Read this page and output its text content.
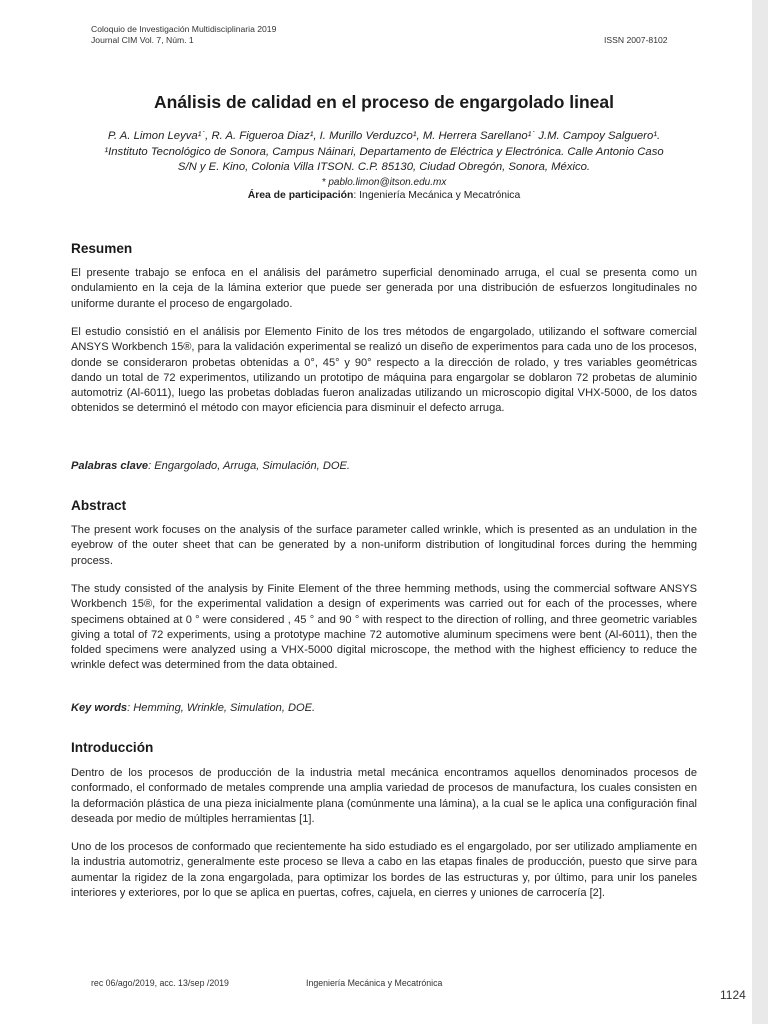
Coloquio de Investigación Multidisciplinaria 2019
Journal CIM Vol. 7, Núm. 1	ISSN 2007-8102
Análisis de calidad en el proceso de engargolado lineal
P. A. Limon Leyva¹˙, R. A. Figueroa Diaz¹, I. Murillo Verduzco¹, M. Herrera Sarellano¹˙ J.M. Campoy Salguero¹.
¹Instituto Tecnológico de Sonora, Campus Náinari, Departamento de Eléctrica y Electrónica. Calle Antonio Caso
S/N y E. Kino, Colonia Villa ITSON. C.P. 85130, Ciudad Obregón, Sonora, México.
* pablo.limon@itson.edu.mx
Área de participación: Ingeniería Mecánica y Mecatrónica
Resumen

El presente trabajo se enfoca en el análisis del parámetro superficial denominado arruga, el cual se presenta como un ondulamiento en la ceja de la lámina exterior que puede ser generada por una distribución de esfuerzos longitudinales no uniforme durante el proceso de engargolado.

El estudio consistió en el análisis por Elemento Finito de los tres métodos de engargolado, utilizando el software comercial ANSYS Workbench 15®, para la validación experimental se realizó un diseño de experimentos para cada uno de los procesos, donde se consideraron probetas obtenidas a 0°, 45° y 90° respecto a la dirección de rolado, y tres variables geométricas dando un total de 72 experimentos, utilizando un prototipo de máquina para engargolar se doblaron 72 probetas de aluminio automotriz (Al-6011), luego las probetas dobladas fueron analizadas utilizando un microscopio digital VHX-5000, de los datos obtenidos se determinó el método con mayor eficiencia para disminuir el defecto arruga.

Palabras clave: Engargolado, Arruga, Simulación, DOE.
Abstract

The present work focuses on the analysis of the surface parameter called wrinkle, which is presented as an undulation in the eyebrow of the outer sheet that can be generated by a non-uniform distribution of longitudinal forces during the hemming process.

The study consisted of the analysis by Finite Element of the three hemming methods, using the commercial software ANSYS Workbench 15®, for the experimental validation a design of experiments was carried out for each of the processes, where specimens obtained at 0 ° were considered , 45 ° and 90 ° with respect to the direction of rolling, and three geometric variables giving a total of 72 experiments, using a prototype machine 72 automotive aluminum specimens were bent (Al-6011), then the folded specimens were analyzed using a VHX-5000 digital microscope, the method with the highest efficiency to reduce the wrinkle defect was determined from the data obtained.

Key words: Hemming, Wrinkle, Simulation, DOE.
Introducción

Dentro de los procesos de producción de la industria metal mecánica encontramos aquellos denominados procesos de conformado, el conformado de metales comprende una amplia variedad de procesos de manufactura, los cuales consisten en la deformación plástica de una pieza inicialmente plana (comúnmente una lámina), a la cual se le aplica una configuración final deseada por medio de múltiples herramientas [1].

Uno de los procesos de conformado que recientemente ha sido estudiado es el engargolado, por ser utilizado ampliamente en la industria automotriz, generalmente este proceso se lleva a cabo en las etapas finales de producción, puesto que sirve para aumentar la rigidez de la zona engargolada, para optimizar los bordes de las estructuras y, por último, para unir los paneles interiores y exteriores, por lo que se aplica en puertas, cofres, cajuela, en cierres y uniones de carrocería [2].

rec 06/ago/2019, acc. 13/sep /2019	Ingeniería Mecánica y Mecatrónica
1124
